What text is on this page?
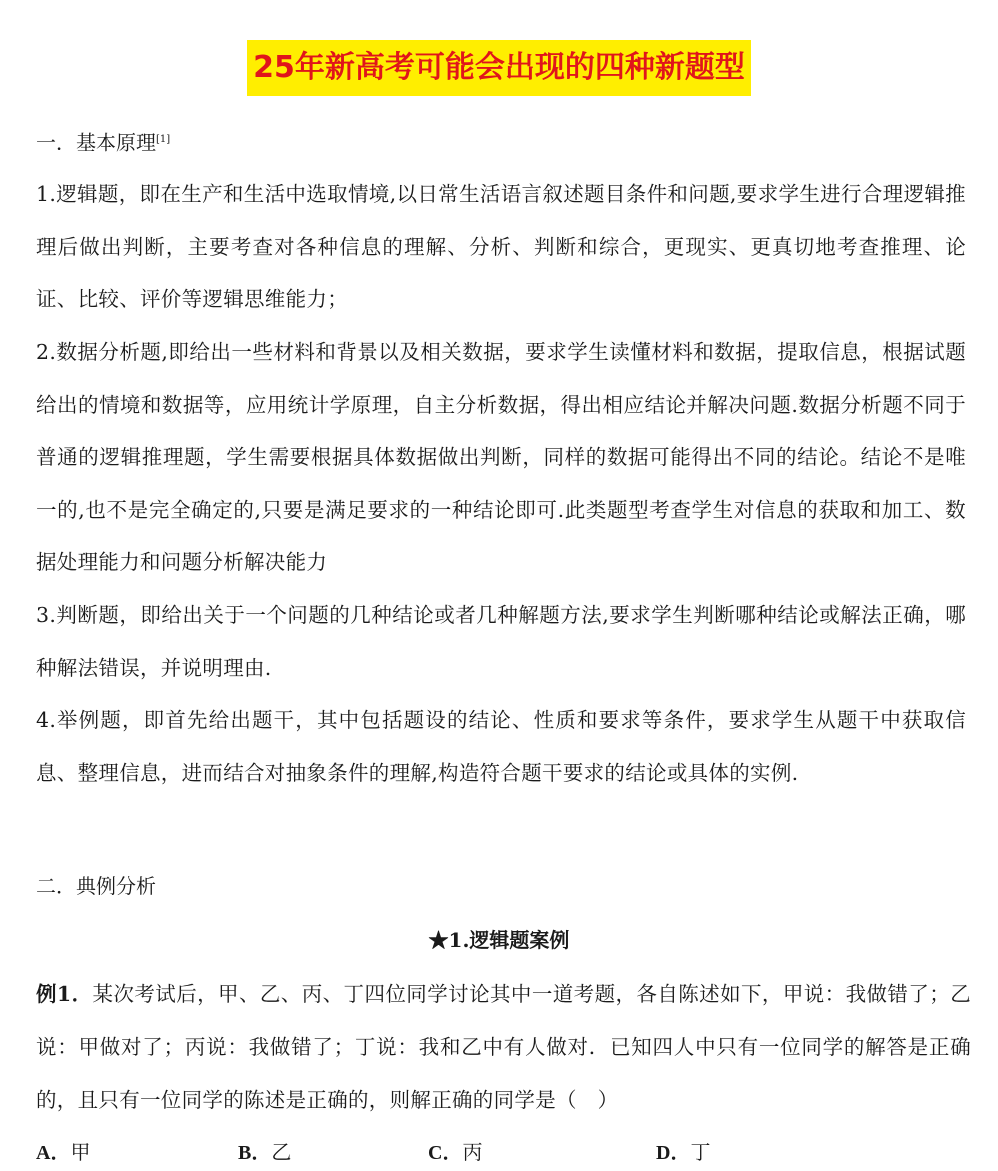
25年新高考可能会出现的四种新题型
一．基本原理[1]
1.逻辑题，即在生产和生活中选取情境,以日常生活语言叙述题目条件和问题,要求学生进行合理逻辑推理后做出判断，主要考查对各种信息的理解、分析、判断和综合，更现实、更真切地考查推理、论证、比较、评价等逻辑思维能力；
2.数据分析题,即给出一些材料和背景以及相关数据，要求学生读懂材料和数据，提取信息，根据试题给出的情境和数据等，应用统计学原理，自主分析数据，得出相应结论并解决问题.数据分析题不同于普通的逻辑推理题，学生需要根据具体数据做出判断，同样的数据可能得出不同的结论。结论不是唯一的,也不是完全确定的,只要是满足要求的一种结论即可.此类题型考查学生对信息的获取和加工、数据处理能力和问题分析解决能力
3.判断题，即给出关于一个问题的几种结论或者几种解题方法,要求学生判断哪种结论或解法正确，哪种解法错误，并说明理由.
4.举例题，即首先给出题干，其中包括题设的结论、性质和要求等条件，要求学生从题干中获取信息、整理信息，进而结合对抽象条件的理解,构造符合题干要求的结论或具体的实例.
二．典例分析
★1.逻辑题案例
例1．某次考试后，甲、乙、丙、丁四位同学讨论其中一道考题，各自陈述如下，甲说：我做错了；乙说：甲做对了；丙说：我做错了；丁说：我和乙中有人做对．已知四人中只有一位同学的解答是正确的，且只有一位同学的陈述是正确的，则解正确的同学是（　）
A．甲	B．乙	C．丙	D．丁
